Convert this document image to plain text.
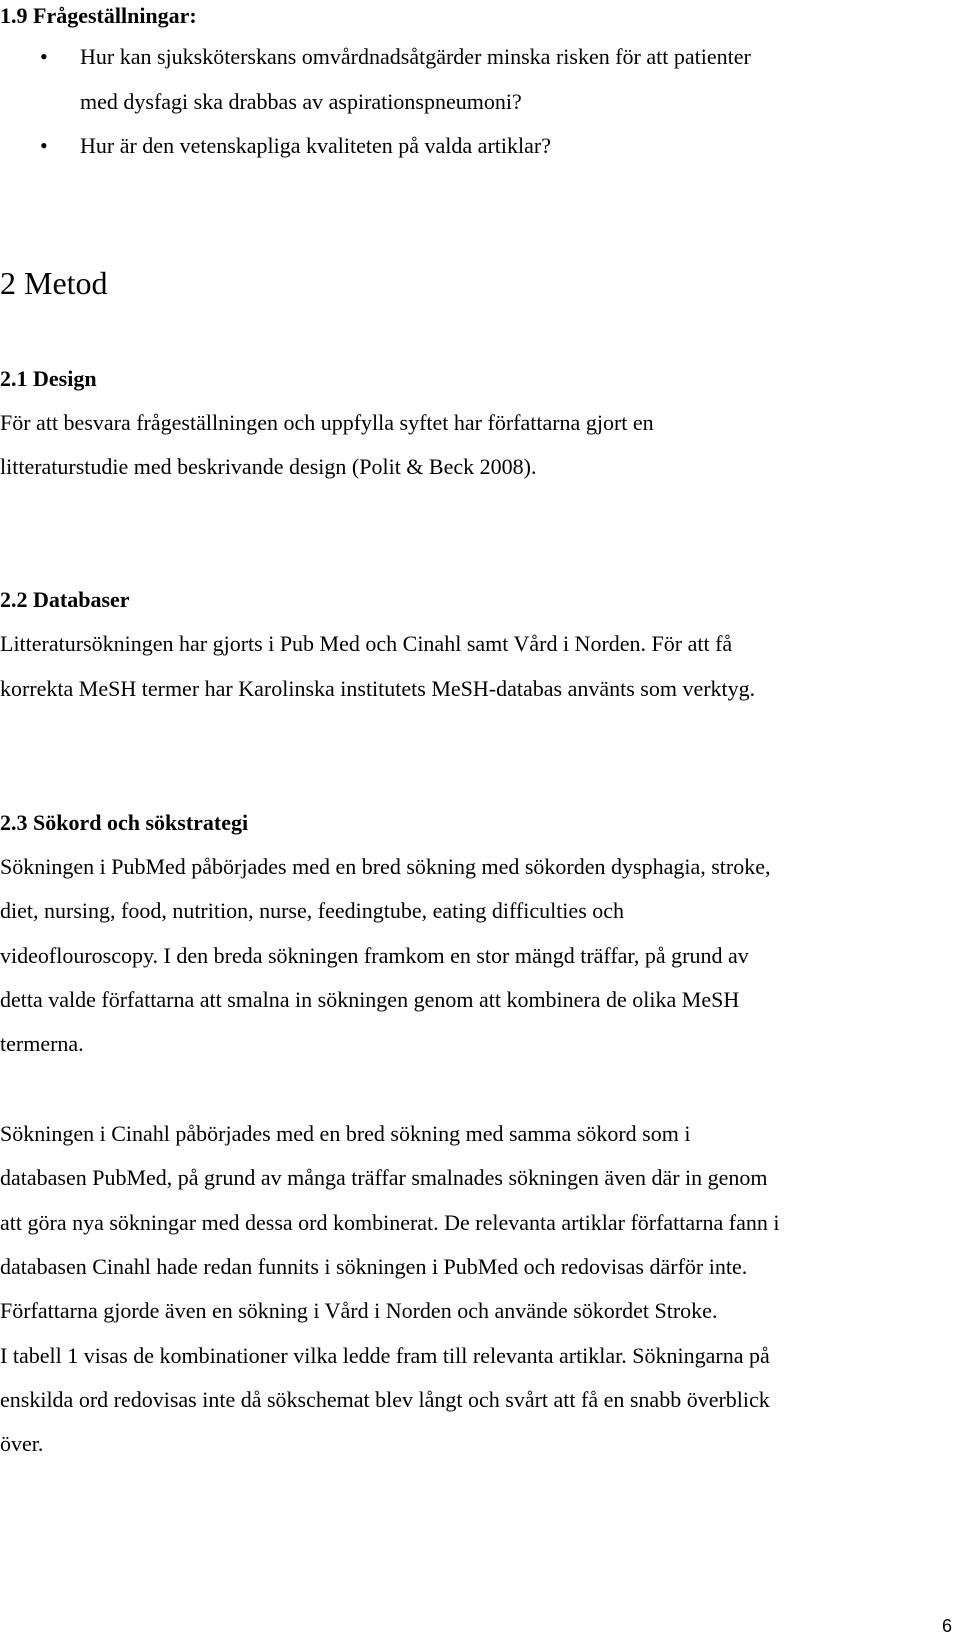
1.9 Frågeställningar:
• Hur kan sjuksköterskans omvårdnadsåtgärder minska risken för att patienter
med dysfagi ska drabbas av aspirationspneumoni?
• Hur är den vetenskapliga kvaliteten på valda artiklar?
2 Metod
2.1 Design
För att besvara frågeställningen och uppfylla syftet har författarna gjort en
litteraturstudie med beskrivande design (Polit & Beck 2008).
2.2 Databaser
Litteratursökningen har gjorts i Pub Med och Cinahl samt Vård i Norden. För att få
korrekta MeSH termer har Karolinska institutets MeSH-databas använts som verktyg.
2.3 Sökord och sökstrategi
Sökningen i PubMed påbörjades med en bred sökning med sökorden dysphagia, stroke,
diet, nursing, food, nutrition, nurse, feedingtube, eating difficulties och
videoflouroscopy. I den breda sökningen framkom en stor mängd träffar, på grund av
detta valde författarna att smalna in sökningen genom att kombinera de olika MeSH
termerna.
Sökningen i Cinahl påbörjades med en bred sökning med samma sökord som i
databasen PubMed, på grund av många träffar smalnades sökningen även där in genom
att göra nya sökningar med dessa ord kombinerat. De relevanta artiklar författarna fann i
databasen Cinahl hade redan funnits i sökningen i PubMed och redovisas därför inte.
Författarna gjorde även en sökning i Vård i Norden och använde sökordet Stroke.
I tabell 1 visas de kombinationer vilka ledde fram till relevanta artiklar. Sökningarna på
enskilda ord redovisas inte då sökschemat blev långt och svårt att få en snabb överblick
över.
6
